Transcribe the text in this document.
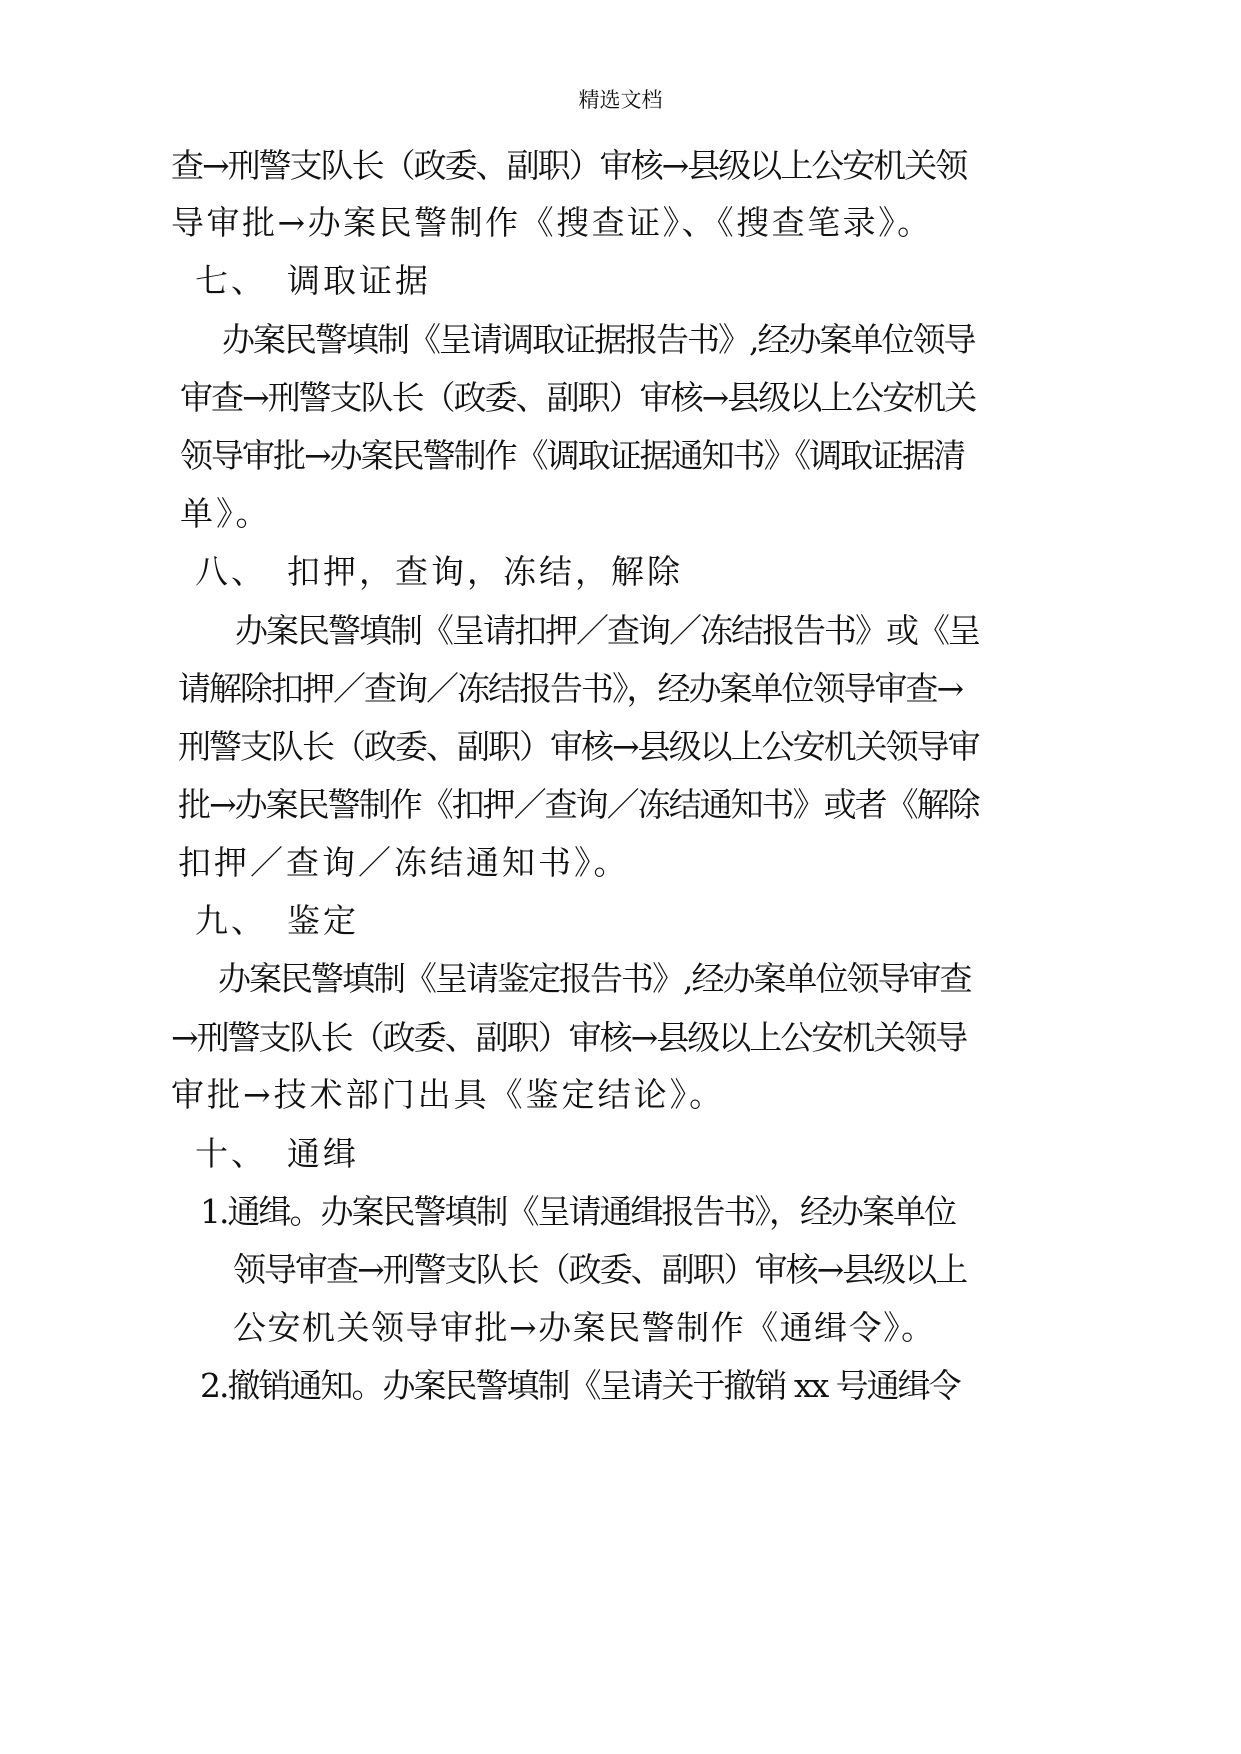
精选文档
查→刑警支队长（政委、副职）审核→县级以上公安机关领
导审批→办案民警制作《搜查证》、《搜查笔录》。
七、 调取证据
办案民警填制《呈请调取证据报告书》,经办案单位领导
审查→刑警支队长（政委、副职）审核→县级以上公安机关
领导审批→办案民警制作《调取证据通知书》《调取证据清
单》。
八、 扣押，查询，冻结，解除
办案民警填制《呈请扣押／查询／冻结报告书》或《呈
请解除扣押／查询／冻结报告书》，经办案单位领导审查→
刑警支队长（政委、副职）审核→县级以上公安机关领导审
批→办案民警制作《扣押／查询／冻结通知书》或者《解除
扣押／查询／冻结通知书》。
九、 鉴定
办案民警填制《呈请鉴定报告书》,经办案单位领导审查
→刑警支队长（政委、副职）审核→县级以上公安机关领导
审批→技术部门出具《鉴定结论》。
十、 通缉
1.通缉。办案民警填制《呈请通缉报告书》，经办案单位
领导审查→刑警支队长（政委、副职）审核→县级以上
公安机关领导审批→办案民警制作《通缉令》。
2.撤销通知。办案民警填制《呈请关于撤销 xx 号通缉令
